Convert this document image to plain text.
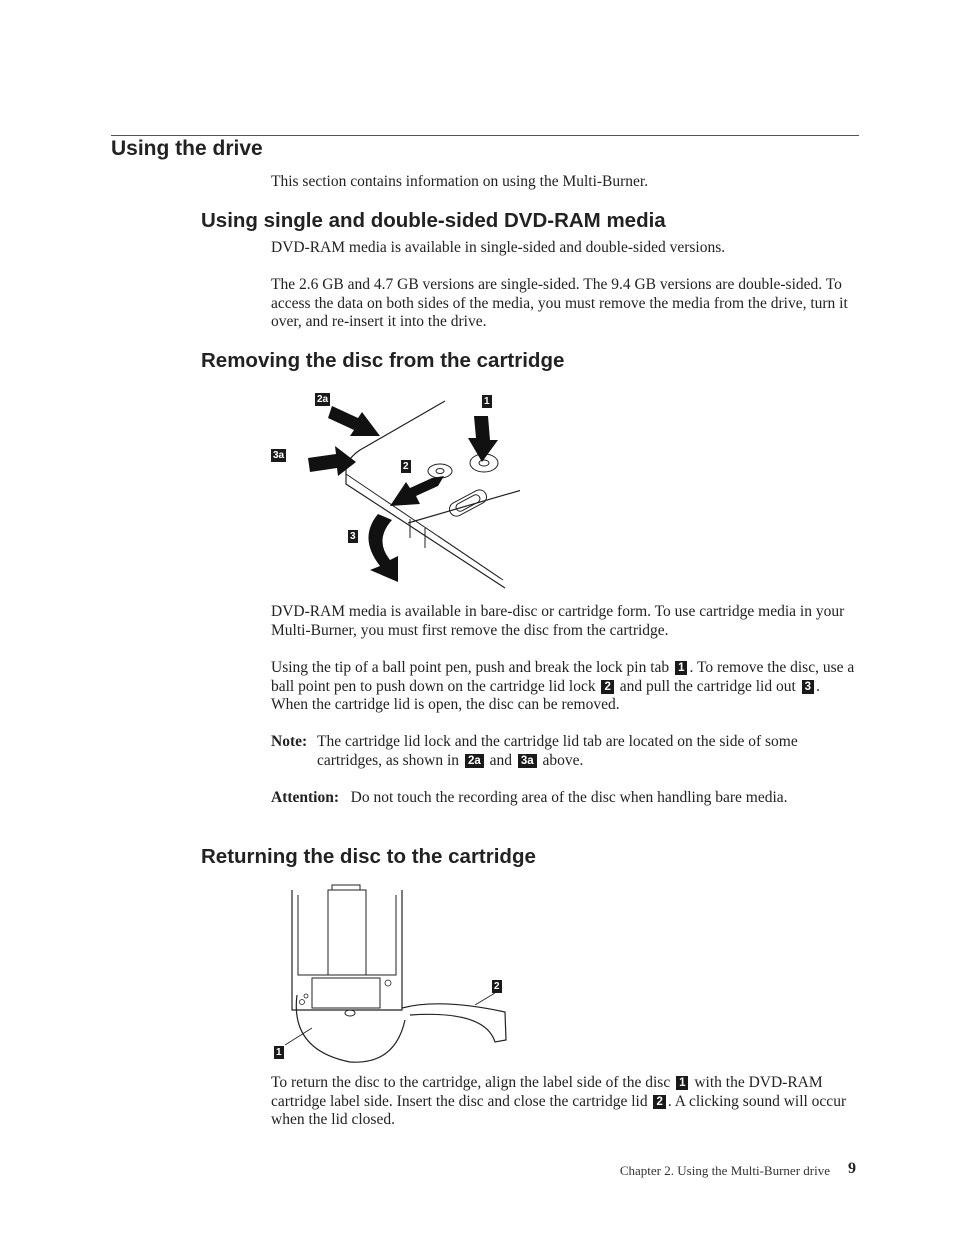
Using the drive

This section contains information on using the Multi-Burner.

Using single and double-sided DVD-RAM media

DVD-RAM media is available in single-sided and double-sided versions.

The 2.6 GB and 4.7 GB versions are single-sided. The 9.4 GB versions are double-sided. To access the data on both sides of the media, you must remove the media from the drive, turn it over, and re-insert it into the drive.

Removing the disc from the cartridge
2a	1
3a
2
3

DVD-RAM media is available in bare-disc or cartridge form. To use cartridge media in your Multi-Burner, you must first remove the disc from the cartridge.

Using the tip of a ball point pen, push and break the lock pin tab 1 . To remove the disc, use a ball point pen to push down on the cartridge lid lock 2 and pull the cartridge lid out 3 . When the cartridge lid is open, the disc can be removed.

Note: The cartridge lid lock and the cartridge lid tab are located on the side of some cartridges, as shown in 2a and 3a above.

Attention: Do not touch the recording area of the disc when handling bare media.

Returning the disc to the cartridge
2
1

To return the disc to the cartridge, align the label side of the disc 1 with the DVD-RAM cartridge label side. Insert the disc and close the cartridge lid 2 . A clicking sound will occur when the lid closed.

Chapter 2. Using the Multi-Burner drive 9
